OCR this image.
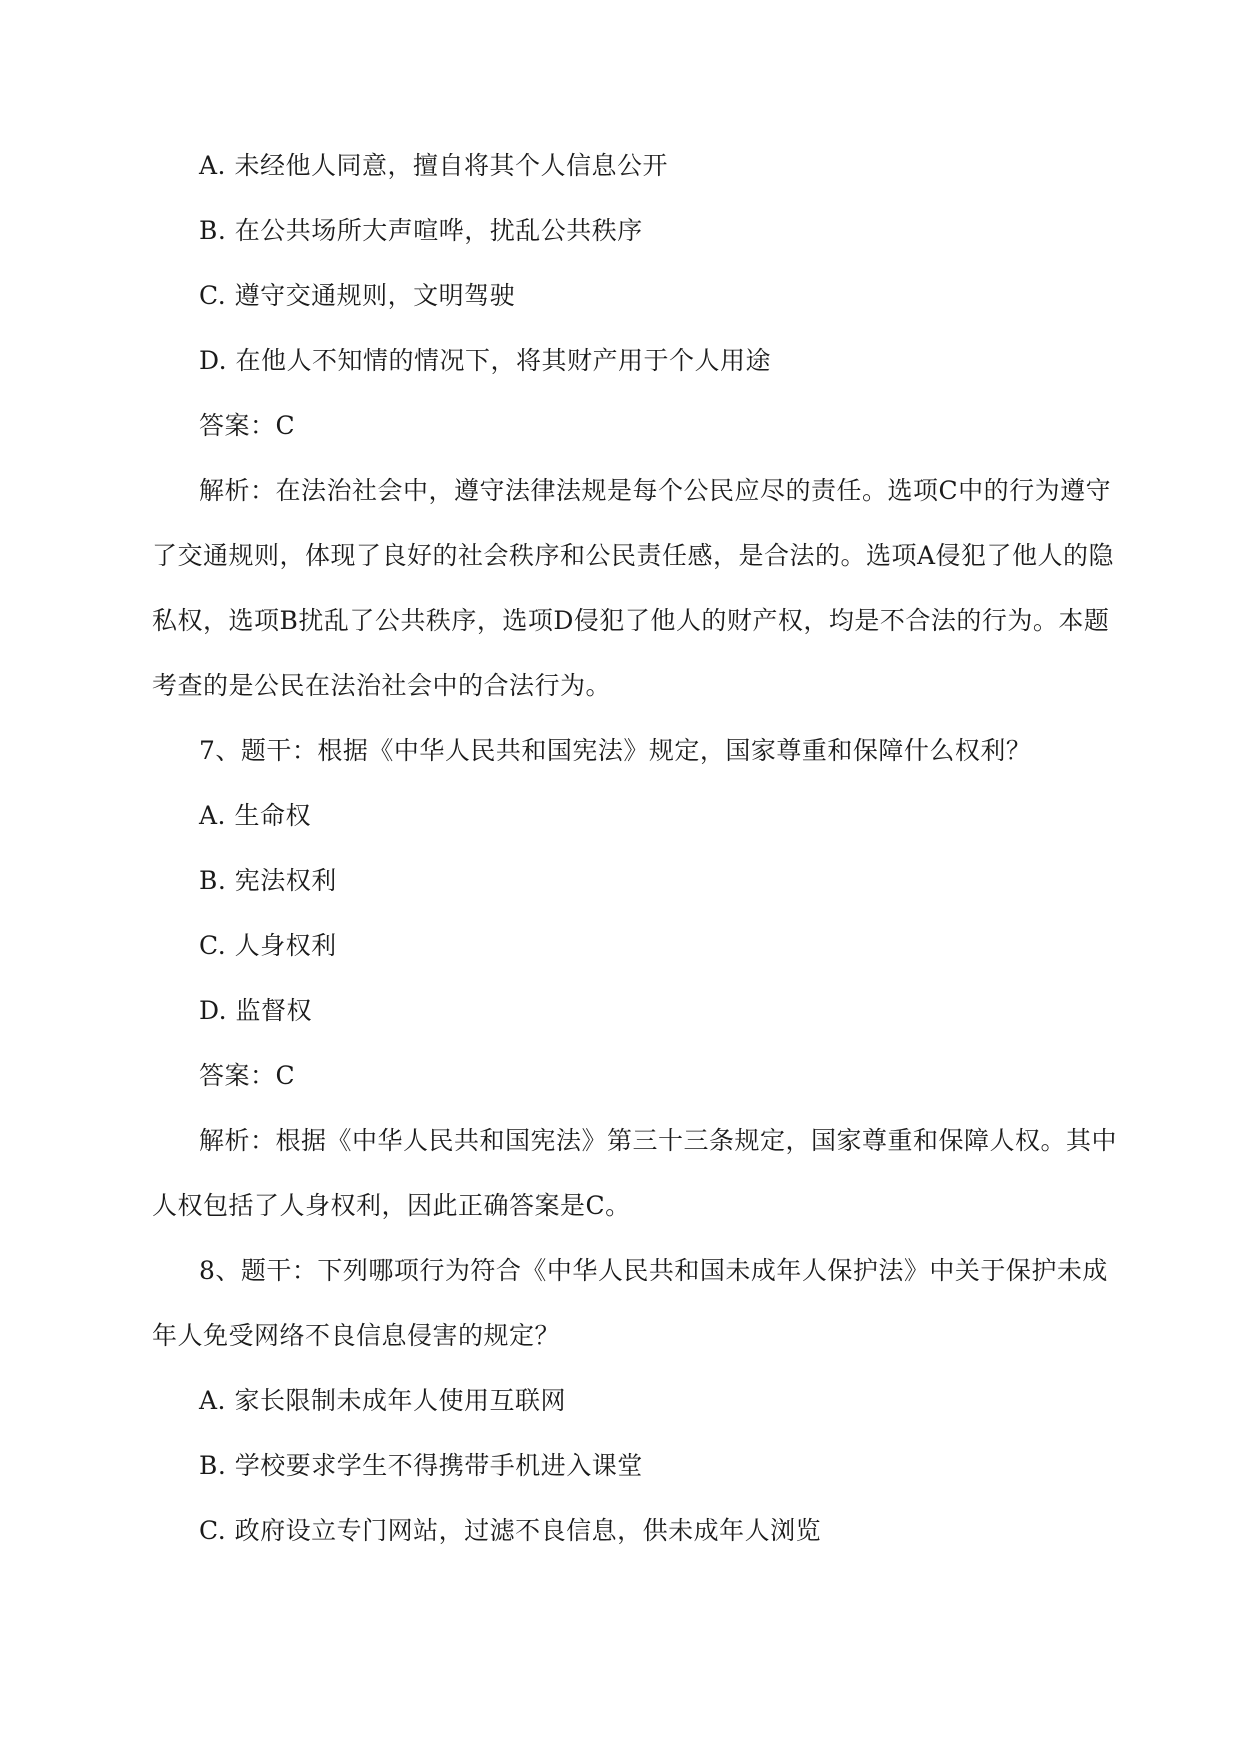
A. 未经他人同意，擅自将其个人信息公开
B. 在公共场所大声喧哗，扰乱公共秩序
C. 遵守交通规则，文明驾驶
D. 在他人不知情的情况下，将其财产用于个人用途
答案：C
解析：在法治社会中，遵守法律法规是每个公民应尽的责任。选项C中的行为遵守
了交通规则，体现了良好的社会秩序和公民责任感，是合法的。选项A侵犯了他人的隐
私权，选项B扰乱了公共秩序，选项D侵犯了他人的财产权，均是不合法的行为。本题
考查的是公民在法治社会中的合法行为。
7、题干：根据《中华人民共和国宪法》规定，国家尊重和保障什么权利？
A. 生命权
B. 宪法权利
C. 人身权利
D. 监督权
答案：C
解析：根据《中华人民共和国宪法》第三十三条规定，国家尊重和保障人权。其中
人权包括了人身权利，因此正确答案是C。
8、题干：下列哪项行为符合《中华人民共和国未成年人保护法》中关于保护未成
年人免受网络不良信息侵害的规定？
A. 家长限制未成年人使用互联网
B. 学校要求学生不得携带手机进入课堂
C. 政府设立专门网站，过滤不良信息，供未成年人浏览
